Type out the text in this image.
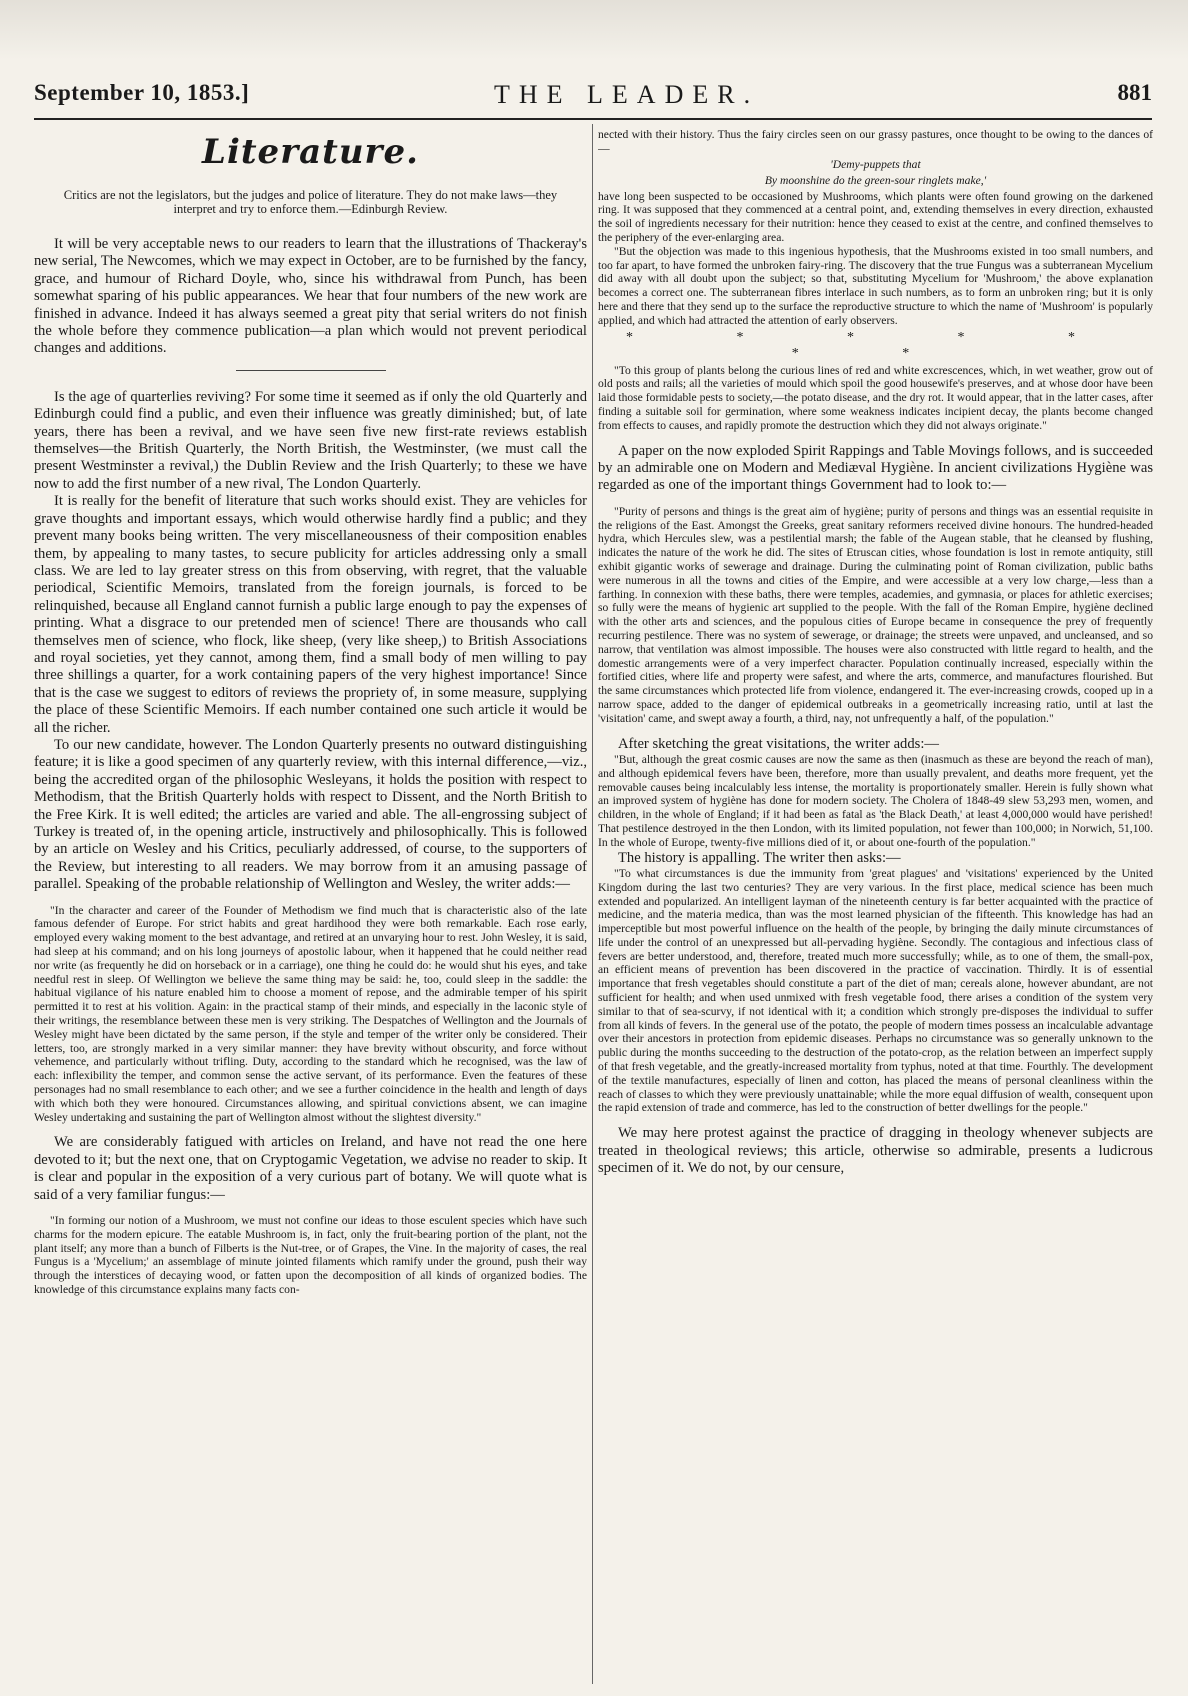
September 10, 1853.]	THE LEADER.	881
Literature.

Critics are not the legislators, but the judges and police of literature. They do not make laws—they interpret and try to enforce them.—Edinburgh Review.

It will be very acceptable news to our readers to learn that the illustrations of Thackeray's new serial, The Newcomes, which we may expect in October, are to be furnished by the fancy, grace, and humour of Richard Doyle, who, since his withdrawal from Punch, has been somewhat sparing of his public appearances. We hear that four numbers of the new work are finished in advance. Indeed it has always seemed a great pity that serial writers do not finish the whole before they commence publication—a plan which would not prevent periodical changes and additions.

Is the age of quarterlies reviving? For some time it seemed as if only the old Quarterly and Edinburgh could find a public, and even their influence was greatly diminished; but, of late years, there has been a revival, and we have seen five new first-rate reviews establish themselves—the British Quarterly, the North British, the Westminster, (we must call the present Westminster a revival,) the Dublin Review and the Irish Quarterly; to these we have now to add the first number of a new rival, The London Quarterly.

It is really for the benefit of literature that such works should exist. They are vehicles for grave thoughts and important essays, which would otherwise hardly find a public; and they prevent many books being written. The very miscellaneousness of their composition enables them, by appealing to many tastes, to secure publicity for articles addressing only a small class. We are led to lay greater stress on this from observing, with regret, that the valuable periodical, Scientific Memoirs, translated from the foreign journals, is forced to be relinquished, because all England cannot furnish a public large enough to pay the expenses of printing. What a disgrace to our pretended men of science! There are thousands who call themselves men of science, who flock, like sheep, (very like sheep,) to British Associations and royal societies, yet they cannot, among them, find a small body of men willing to pay three shillings a quarter, for a work containing papers of the very highest importance! Since that is the case we suggest to editors of reviews the propriety of, in some measure, supplying the place of these Scientific Memoirs. If each number contained one such article it would be all the richer.

To our new candidate, however. The London Quarterly presents no outward distinguishing feature; it is like a good specimen of any quarterly review, with this internal difference,—viz., being the accredited organ of the philosophic Wesleyans, it holds the position with respect to Methodism, that the British Quarterly holds with respect to Dissent, and the North British to the Free Kirk. It is well edited; the articles are varied and able. The all-engrossing subject of Turkey is treated of, in the opening article, instructively and philosophically. This is followed by an article on Wesley and his Critics, peculiarly addressed, of course, to the supporters of the Review, but interesting to all readers. We may borrow from it an amusing passage of parallel. Speaking of the probable relationship of Wellington and Wesley, the writer adds:—

"In the character and career of the Founder of Methodism we find much that is characteristic also of the late famous defender of Europe. For strict habits and great hardihood they were both remarkable. Each rose early, employed every waking moment to the best advantage, and retired at an unvarying hour to rest. John Wesley, it is said, had sleep at his command; and on his long journeys of apostolic labour, when it happened that he could neither read nor write (as frequently he did on horseback or in a carriage), one thing he could do: he would shut his eyes, and take needful rest in sleep. Of Wellington we believe the same thing may be said: he, too, could sleep in the saddle: the habitual vigilance of his nature enabled him to choose a moment of repose, and the admirable temper of his spirit permitted it to rest at his volition. Again: in the practical stamp of their minds, and especially in the laconic style of their writings, the resemblance between these men is very striking. The Despatches of Wellington and the Journals of Wesley might have been dictated by the same person, if the style and temper of the writer only be considered. Their letters, too, are strongly marked in a very similar manner: they have brevity without obscurity, and force without vehemence, and particularly without trifling. Duty, according to the standard which he recognised, was the law of each: inflexibility the temper, and common sense the active servant, of its performance. Even the features of these personages had no small resemblance to each other; and we see a further coincidence in the health and length of days with which both they were honoured. Circumstances allowing, and spiritual convictions absent, we can imagine Wesley undertaking and sustaining the part of Wellington almost without the slightest diversity."

We are considerably fatigued with articles on Ireland, and have not read the one here devoted to it; but the next one, that on Cryptogamic Vegetation, we advise no reader to skip. It is clear and popular in the exposition of a very curious part of botany. We will quote what is said of a very familiar fungus:—

"In forming our notion of a Mushroom, we must not confine our ideas to those esculent species which have such charms for the modern epicure. The eatable Mushroom is, in fact, only the fruit-bearing portion of the plant, not the plant itself; any more than a bunch of Filberts is the Nut-tree, or of Grapes, the Vine. In the majority of cases, the real Fungus is a 'Mycelium;' an assemblage of minute jointed filaments which ramify under the ground, push their way through the interstices of decaying wood, or fatten upon the decomposition of all kinds of organized bodies. The knowledge of this circumstance explains many facts con-

nected with their history. Thus the fairy circles seen on our grassy pastures, once thought to be owing to the dances of—

'Demy-puppets that
By moonshine do the green-sour ringlets make,'

have long been suspected to be occasioned by Mushrooms, which plants were often found growing on the darkened ring. It was supposed that they commenced at a central point, and, extending themselves in every direction, exhausted the soil of ingredients necessary for their nutrition: hence they ceased to exist at the centre, and confined themselves to the periphery of the ever-enlarging area.

"But the objection was made to this ingenious hypothesis, that the Mushrooms existed in too small numbers, and too far apart, to have formed the unbroken fairy-ring. The discovery that the true Fungus was a subterranean Mycelium did away with all doubt upon the subject; so that, substituting Mycelium for 'Mushroom,' the above explanation becomes a correct one. The subterranean fibres interlace in such numbers, as to form an unbroken ring; but it is only here and there that they send up to the surface the reproductive structure to which the name of 'Mushroom' is popularly applied, and which had attracted the attention of early observers.

* * * * * * *

"To this group of plants belong the curious lines of red and white excrescences, which, in wet weather, grow out of old posts and rails; all the varieties of mould which spoil the good housewife's preserves, and at whose door have been laid those formidable pests to society,—the potato disease, and the dry rot. It would appear, that in the latter cases, after finding a suitable soil for germination, where some weakness indicates incipient decay, the plants become changed from effects to causes, and rapidly promote the destruction which they did not always originate."

A paper on the now exploded Spirit Rappings and Table Movings follows, and is succeeded by an admirable one on Modern and Mediæval Hygiène. In ancient civilizations Hygiène was regarded as one of the important things Government had to look to:—

"Purity of persons and things is the great aim of hygiène; purity of persons and things was an essential requisite in the religions of the East. Amongst the Greeks, great sanitary reformers received divine honours. The hundred-headed hydra, which Hercules slew, was a pestilential marsh; the fable of the Augean stable, that he cleansed by flushing, indicates the nature of the work he did. The sites of Etruscan cities, whose foundation is lost in remote antiquity, still exhibit gigantic works of sewerage and drainage. During the culminating point of Roman civilization, public baths were numerous in all the towns and cities of the Empire, and were accessible at a very low charge,—less than a farthing. In connexion with these baths, there were temples, academies, and gymnasia, or places for athletic exercises; so fully were the means of hygienic art supplied to the people. With the fall of the Roman Empire, hygiène declined with the other arts and sciences, and the populous cities of Europe became in consequence the prey of frequently recurring pestilence. There was no system of sewerage, or drainage; the streets were unpaved, and uncleansed, and so narrow, that ventilation was almost impossible. The houses were also constructed with little regard to health, and the domestic arrangements were of a very imperfect character. Population continually increased, especially within the fortified cities, where life and property were safest, and where the arts, commerce, and manufactures flourished. But the same circumstances which protected life from violence, endangered it. The ever-increasing crowds, cooped up in a narrow space, added to the danger of epidemical outbreaks in a geometrically increasing ratio, until at last the 'visitation' came, and swept away a fourth, a third, nay, not unfrequently a half, of the population."

After sketching the great visitations, the writer adds:—

"But, although the great cosmic causes are now the same as then (inasmuch as these are beyond the reach of man), and although epidemical fevers have been, therefore, more than usually prevalent, and deaths more frequent, yet the removable causes being incalculably less intense, the mortality is proportionately smaller. Herein is fully shown what an improved system of hygiène has done for modern society. The Cholera of 1848-49 slew 53,293 men, women, and children, in the whole of England; if it had been as fatal as 'the Black Death,' at least 4,000,000 would have perished! That pestilence destroyed in the then London, with its limited population, not fewer than 100,000; in Norwich, 51,100. In the whole of Europe, twenty-five millions died of it, or about one-fourth of the population."

The history is appalling. The writer then asks:—

"To what circumstances is due the immunity from 'great plagues' and 'visitations' experienced by the United Kingdom during the last two centuries? They are very various. In the first place, medical science has been much extended and popularized. An intelligent layman of the nineteenth century is far better acquainted with the practice of medicine, and the materia medica, than was the most learned physician of the fifteenth. This knowledge has had an imperceptible but most powerful influence on the health of the people, by bringing the daily minute circumstances of life under the control of an unexpressed but all-pervading hygiène. Secondly. The contagious and infectious class of fevers are better understood, and, therefore, treated much more successfully; while, as to one of them, the small-pox, an efficient means of prevention has been discovered in the practice of vaccination. Thirdly. It is of essential importance that fresh vegetables should constitute a part of the diet of man; cereals alone, however abundant, are not sufficient for health; and when used unmixed with fresh vegetable food, there arises a condition of the system very similar to that of sea-scurvy, if not identical with it; a condition which strongly pre-disposes the individual to suffer from all kinds of fevers. In the general use of the potato, the people of modern times possess an incalculable advantage over their ancestors in protection from epidemic diseases. Perhaps no circumstance was so generally unknown to the public during the months succeeding to the destruction of the potato-crop, as the relation between an imperfect supply of that fresh vegetable, and the greatly-increased mortality from typhus, noted at that time. Fourthly. The development of the textile manufactures, especially of linen and cotton, has placed the means of personal cleanliness within the reach of classes to which they were previously unattainable; while the more equal diffusion of wealth, consequent upon the rapid extension of trade and commerce, has led to the construction of better dwellings for the people."

We may here protest against the practice of dragging in theology whenever subjects are treated in theological reviews; this article, otherwise so admirable, presents a ludicrous specimen of it. We do not, by our censure,
